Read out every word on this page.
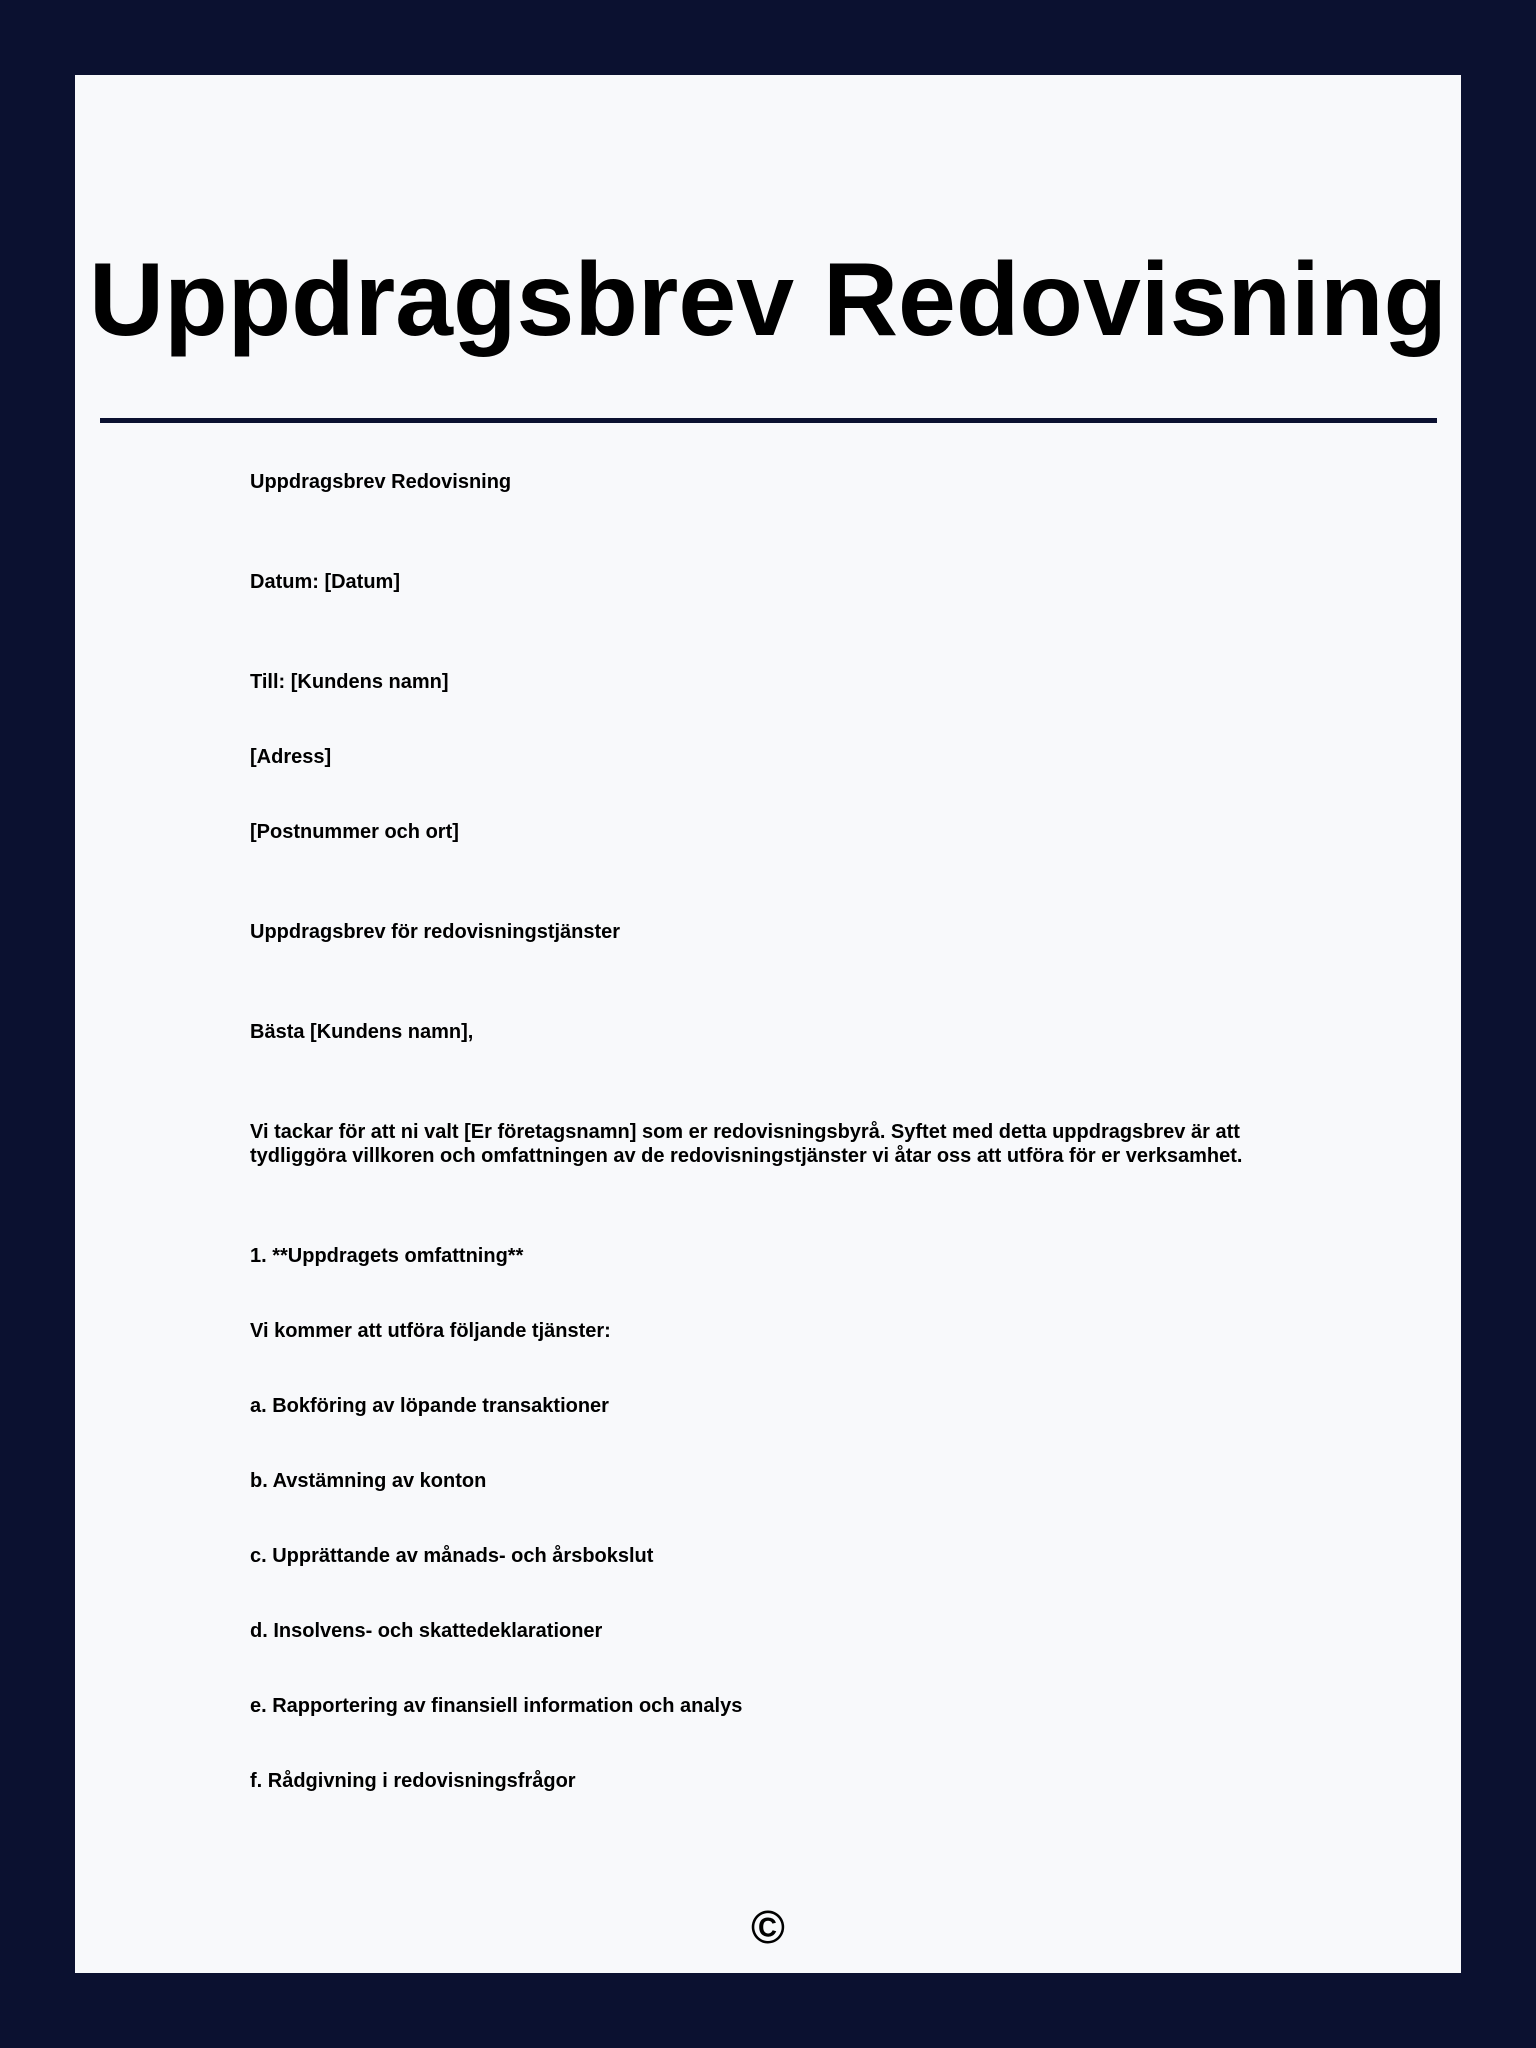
Uppdragsbrev Redovisning

Uppdragsbrev Redovisning

Datum: [Datum]

Till: [Kundens namn]

[Adress]

[Postnummer och ort]

Uppdragsbrev för redovisningstjänster

Bästa [Kundens namn],

Vi tackar för att ni valt [Er företagsnamn] som er redovisningsbyrå. Syftet med detta uppdragsbrev är att tydliggöra villkoren och omfattningen av de redovisningstjänster vi åtar oss att utföra för er verksamhet.

1. **Uppdragets omfattning**

Vi kommer att utföra följande tjänster:

a. Bokföring av löpande transaktioner

b. Avstämning av konton

c. Upprättande av månads- och årsbokslut

d. Insolvens- och skattedeklarationer

e. Rapportering av finansiell information och analys

f. Rådgivning i redovisningsfrågor

©
